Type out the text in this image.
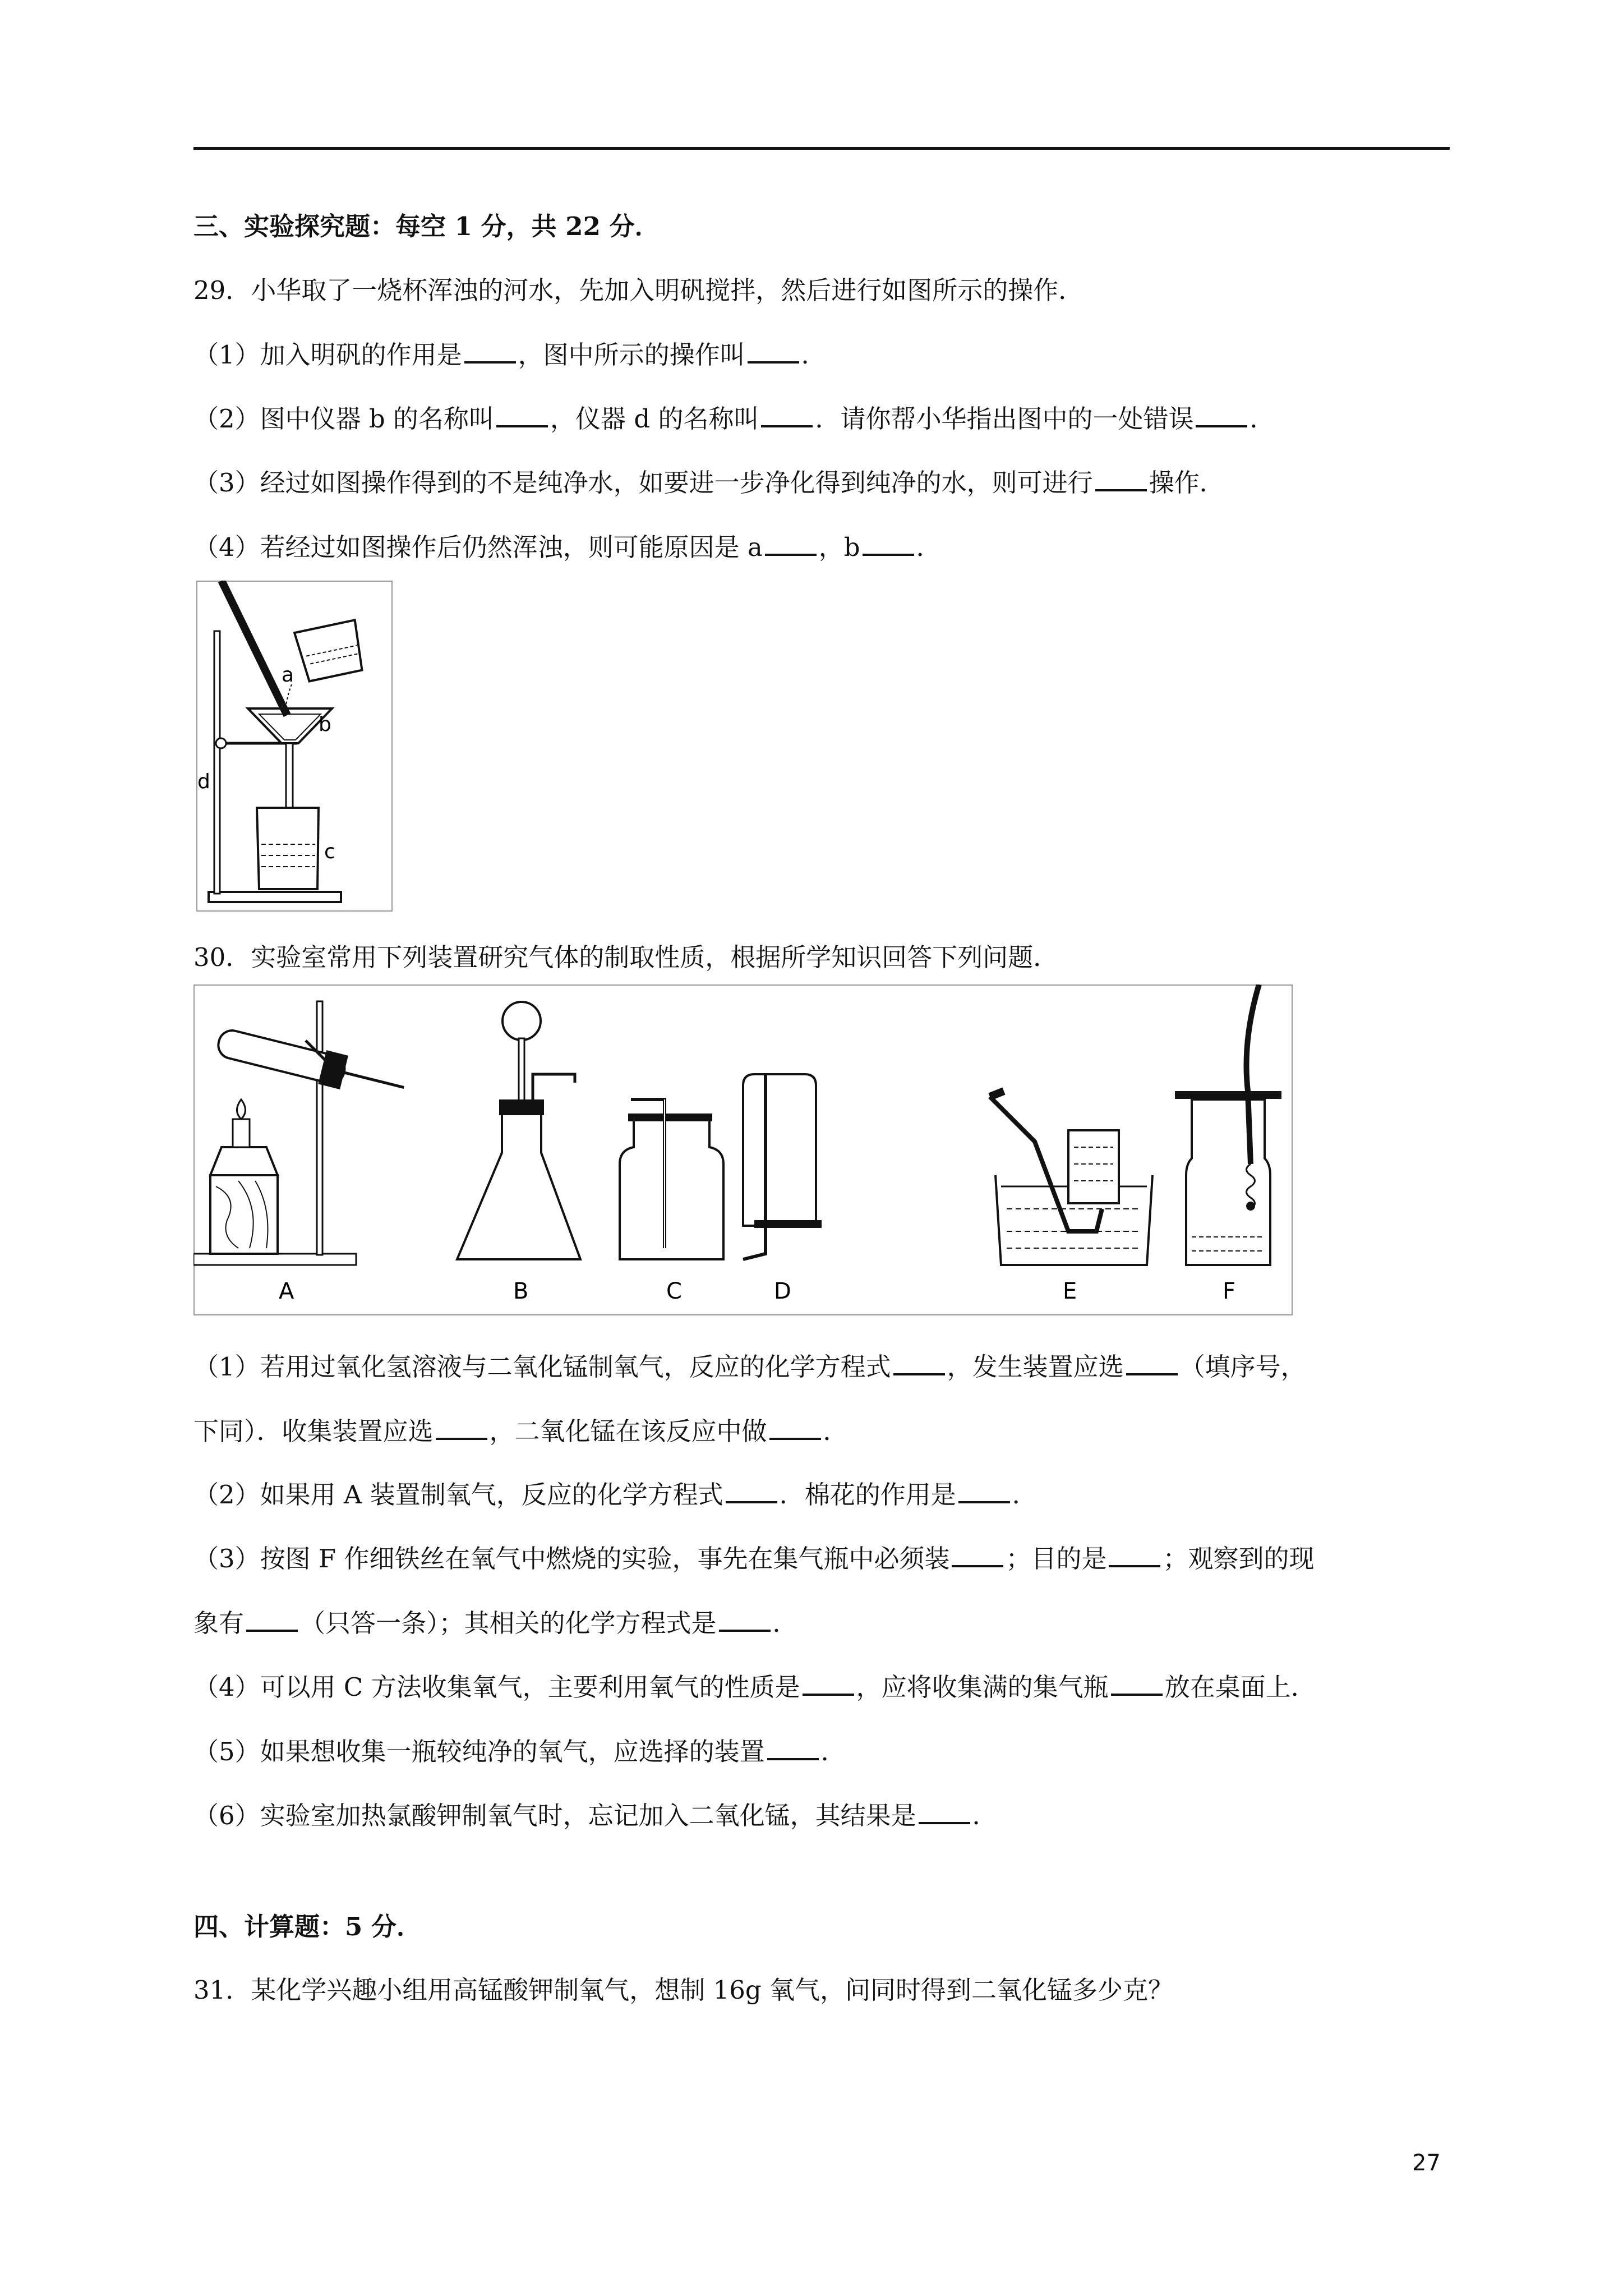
三、实验探究题：每空 1 分，共 22 分．
29．小华取了一烧杯浑浊的河水，先加入明矾搅拌，然后进行如图所示的操作．
（1）加入明矾的作用是 ，图中所示的操作叫 ．
（2）图中仪器 b 的名称叫 ，仪器 d 的名称叫 ．请你帮小华指出图中的一处错误 ．
（3）经过如图操作得到的不是纯净水，如要进一步净化得到纯净的水，则可进行 操作．
（4）若经过如图操作后仍然浑浊，则可能原因是 a ，b ．
a
b
c
d
30．实验室常用下列装置研究气体的制取性质，根据所学知识回答下列问题．
A	B	C	D	E	F
（1）若用过氧化氢溶液与二氧化锰制氧气，反应的化学方程式 ，发生装置应选 （填序号，
下同）．收集装置应选 ，二氧化锰在该反应中做 ．
（2）如果用 A 装置制氧气，反应的化学方程式 ．棉花的作用是 ．
（3）按图 F 作细铁丝在氧气中燃烧的实验，事先在集气瓶中必须装 ；目的是 ；观察到的现
象有 （只答一条）；其相关的化学方程式是 ．
（4）可以用 C 方法收集氧气，主要利用氧气的性质是 ，应将收集满的集气瓶 放在桌面上．
（5）如果想收集一瓶较纯净的氧气，应选择的装置 ．
（6）实验室加热氯酸钾制氧气时，忘记加入二氧化锰，其结果是 ．
四、计算题：5 分．
31．某化学兴趣小组用高锰酸钾制氧气，想制 16g 氧气，问同时得到二氧化锰多少克？
27
